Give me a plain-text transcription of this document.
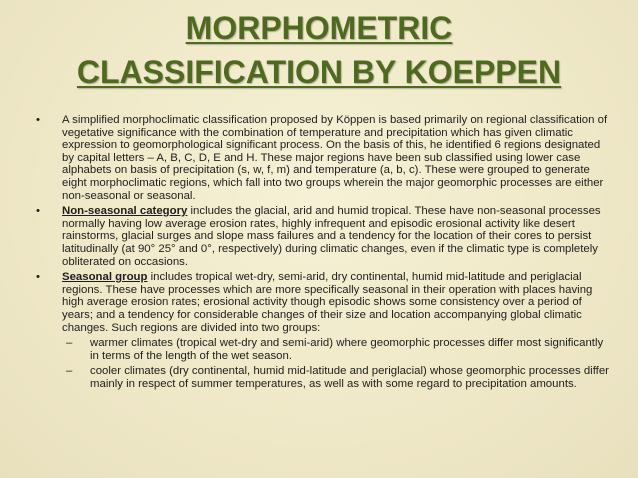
MORPHOMETRIC
CLASSIFICATION BY KOEPPEN
•	A simplified morphoclimatic classification proposed by Köppen is based primarily on regional classification of vegetative significance with the combination of temperature and precipitation which has given climatic expression to geomorphological significant process. On the basis of this, he identified 6 regions designated by capital letters – A, B, C, D, E and H. These major regions have been sub classified using lower case alphabets on basis of precipitation (s, w, f, m) and temperature (a, b, c). These were grouped to generate eight morphoclimatic regions, which fall into two groups wherein the major geomorphic processes are either non-seasonal or seasonal.
•	Non-seasonal category includes the glacial, arid and humid tropical. These have non-seasonal processes normally having low average erosion rates, highly infrequent and episodic erosional activity like desert rainstorms, glacial surges and slope mass failures and a tendency for the location of their cores to persist latitudinally (at 90° 25° and 0°, respectively) during climatic changes, even if the climatic type is completely obliterated on occasions.
•	Seasonal group includes tropical wet-dry, semi-arid, dry continental, humid mid-latitude and periglacial regions. These have processes which are more specifically seasonal in their operation with places having high average erosion rates; erosional activity though episodic shows some consistency over a period of years; and a tendency for considerable changes of their size and location accompanying global climatic changes. Such regions are divided into two groups:
– warmer climates (tropical wet-dry and semi-arid) where geomorphic processes differ most significantly in terms of the length of the wet season.
– cooler climates (dry continental, humid mid-latitude and periglacial) whose geomorphic processes differ mainly in respect of summer temperatures, as well as with some regard to precipitation amounts.
